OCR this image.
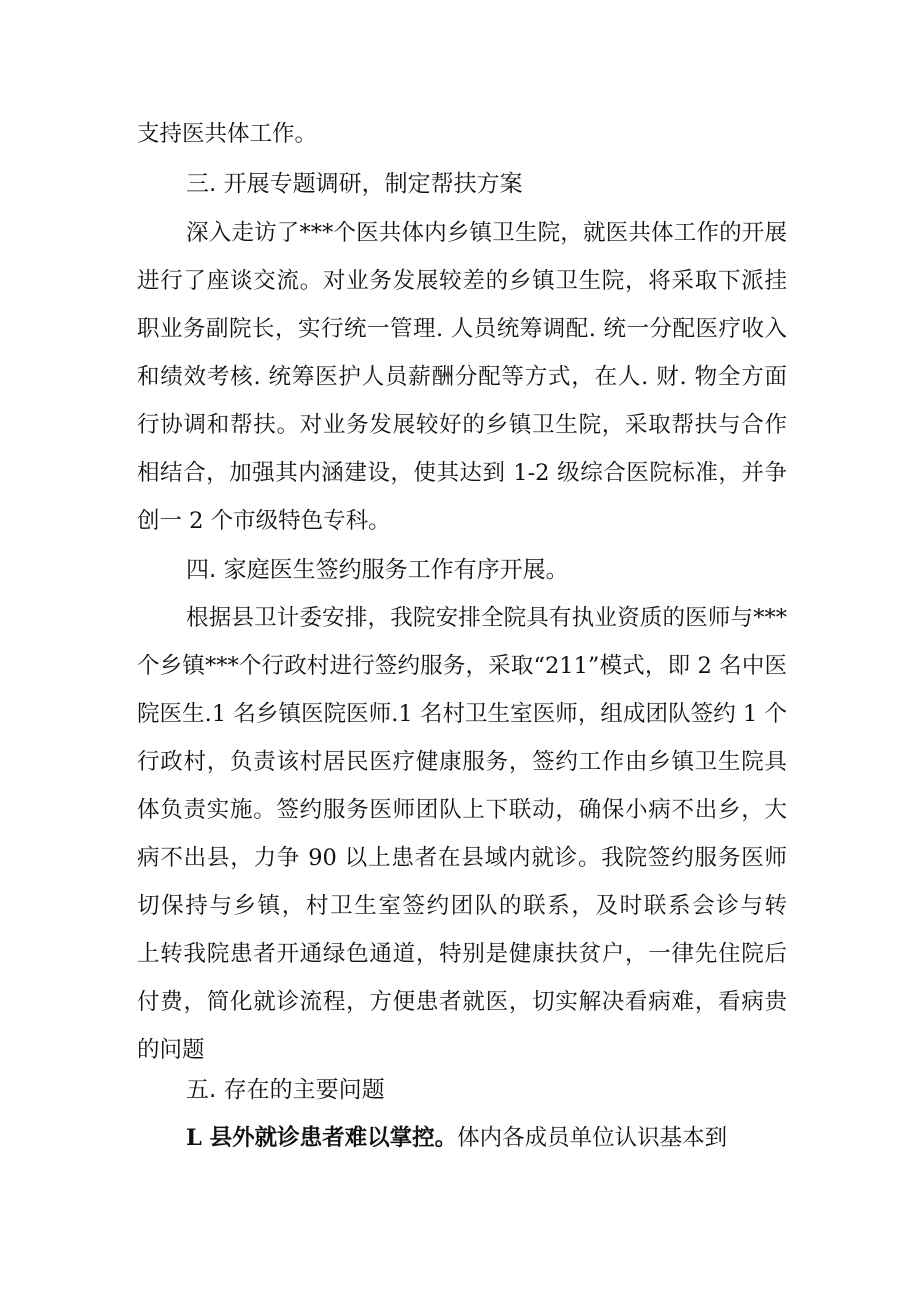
支持医共体工作。
三. 开展专题调研，制定帮扶方案
深入走访了***个医共体内乡镇卫生院，就医共体工作的开展
进行了座谈交流。对业务发展较差的乡镇卫生院，将采取下派挂
职业务副院长，实行统一管理. 人员统筹调配. 统一分配医疗收入
和绩效考核. 统筹医护人员薪酬分配等方式，在人. 财. 物全方面
行协调和帮扶。对业务发展较好的乡镇卫生院，采取帮扶与合作
相结合，加强其内涵建设，使其达到 1-2 级综合医院标准，并争
创一 2 个市级特色专科。
四. 家庭医生签约服务工作有序开展。
根据县卫计委安排，我院安排全院具有执业资质的医师与***
个乡镇***个行政村进行签约服务，采取“211”模式，即 2 名中医
院医生.1 名乡镇医院医师.1 名村卫生室医师，组成团队签约 1 个
行政村，负责该村居民医疗健康服务，签约工作由乡镇卫生院具
体负责实施。签约服务医师团队上下联动，确保小病不出乡，大
病不出县，力争 90 以上患者在县域内就诊。我院签约服务医师
切保持与乡镇，村卫生室签约团队的联系，及时联系会诊与转
上转我院患者开通绿色通道，特别是健康扶贫户，一律先住院后
付费，简化就诊流程，方便患者就医，切实解决看病难，看病贵
的问题
五. 存在的主要问题
L 县外就诊患者难以掌控。体内各成员单位认识基本到
